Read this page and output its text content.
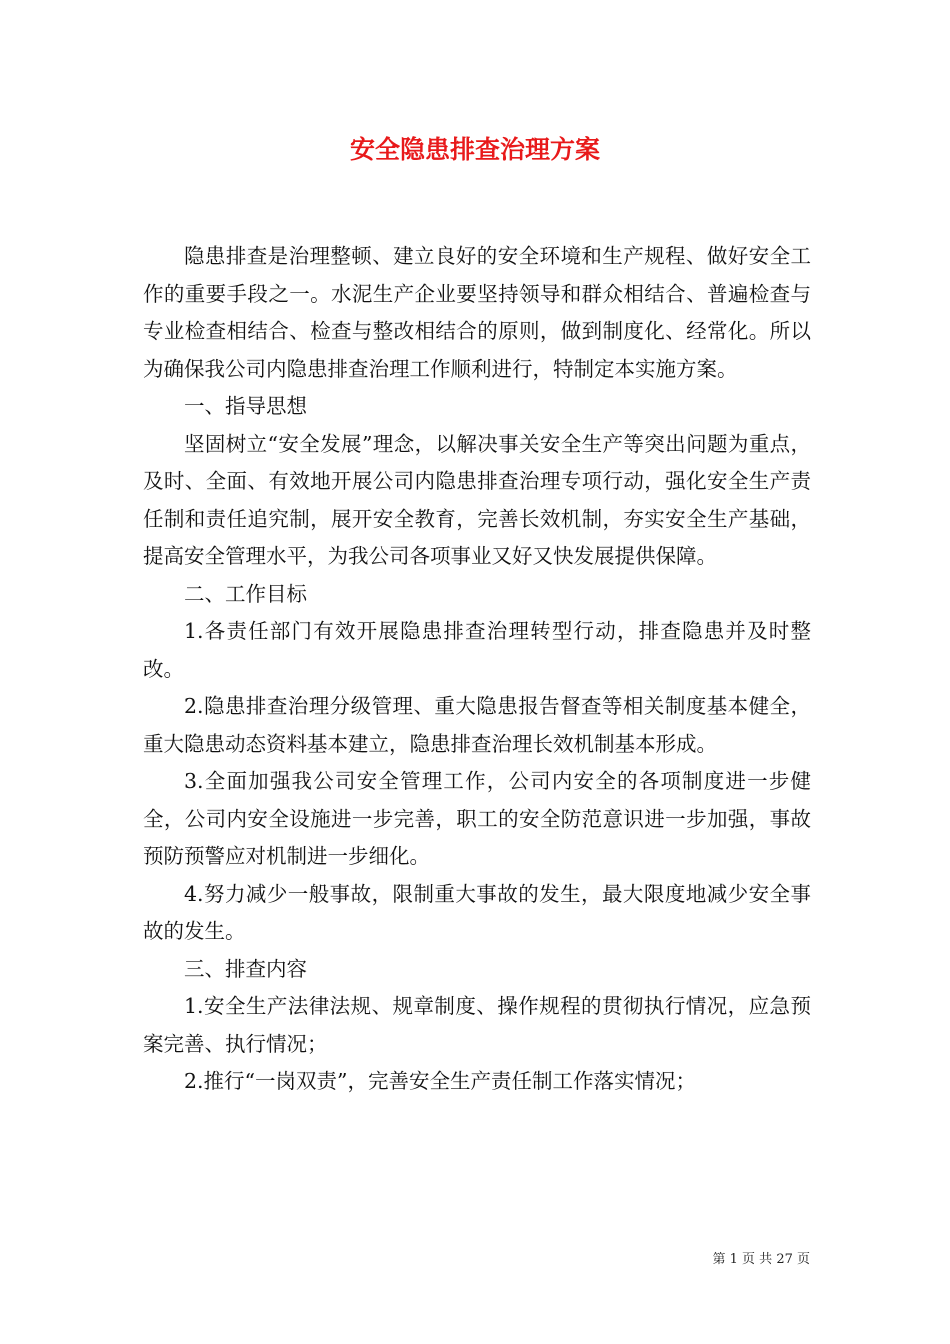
安全隐患排查治理方案

隐患排查是治理整顿、建立良好的安全环境和生产规程、做好安全工作的重要手段之一。水泥生产企业要坚持领导和群众相结合、普遍检查与专业检查相结合、检查与整改相结合的原则，做到制度化、经常化。所以为确保我公司内隐患排查治理工作顺利进行，特制定本实施方案。

一、指导思想

坚固树立“安全发展”理念，以解决事关安全生产等突出问题为重点，及时、全面、有效地开展公司内隐患排查治理专项行动，强化安全生产责任制和责任追究制，展开安全教育，完善长效机制，夯实安全生产基础，提高安全管理水平，为我公司各项事业又好又快发展提供保障。

二、工作目标

1.各责任部门有效开展隐患排查治理转型行动，排查隐患并及时整改。

2.隐患排查治理分级管理、重大隐患报告督查等相关制度基本健全，重大隐患动态资料基本建立，隐患排查治理长效机制基本形成。

3.全面加强我公司安全管理工作，公司内安全的各项制度进一步健全，公司内安全设施进一步完善，职工的安全防范意识进一步加强，事故预防预警应对机制进一步细化。

4.努力减少一般事故，限制重大事故的发生，最大限度地减少安全事故的发生。

三、排查内容

1.安全生产法律法规、规章制度、操作规程的贯彻执行情况，应急预案完善、执行情况；

2.推行“一岗双责”，完善安全生产责任制工作落实情况；

第 1 页 共 27 页
